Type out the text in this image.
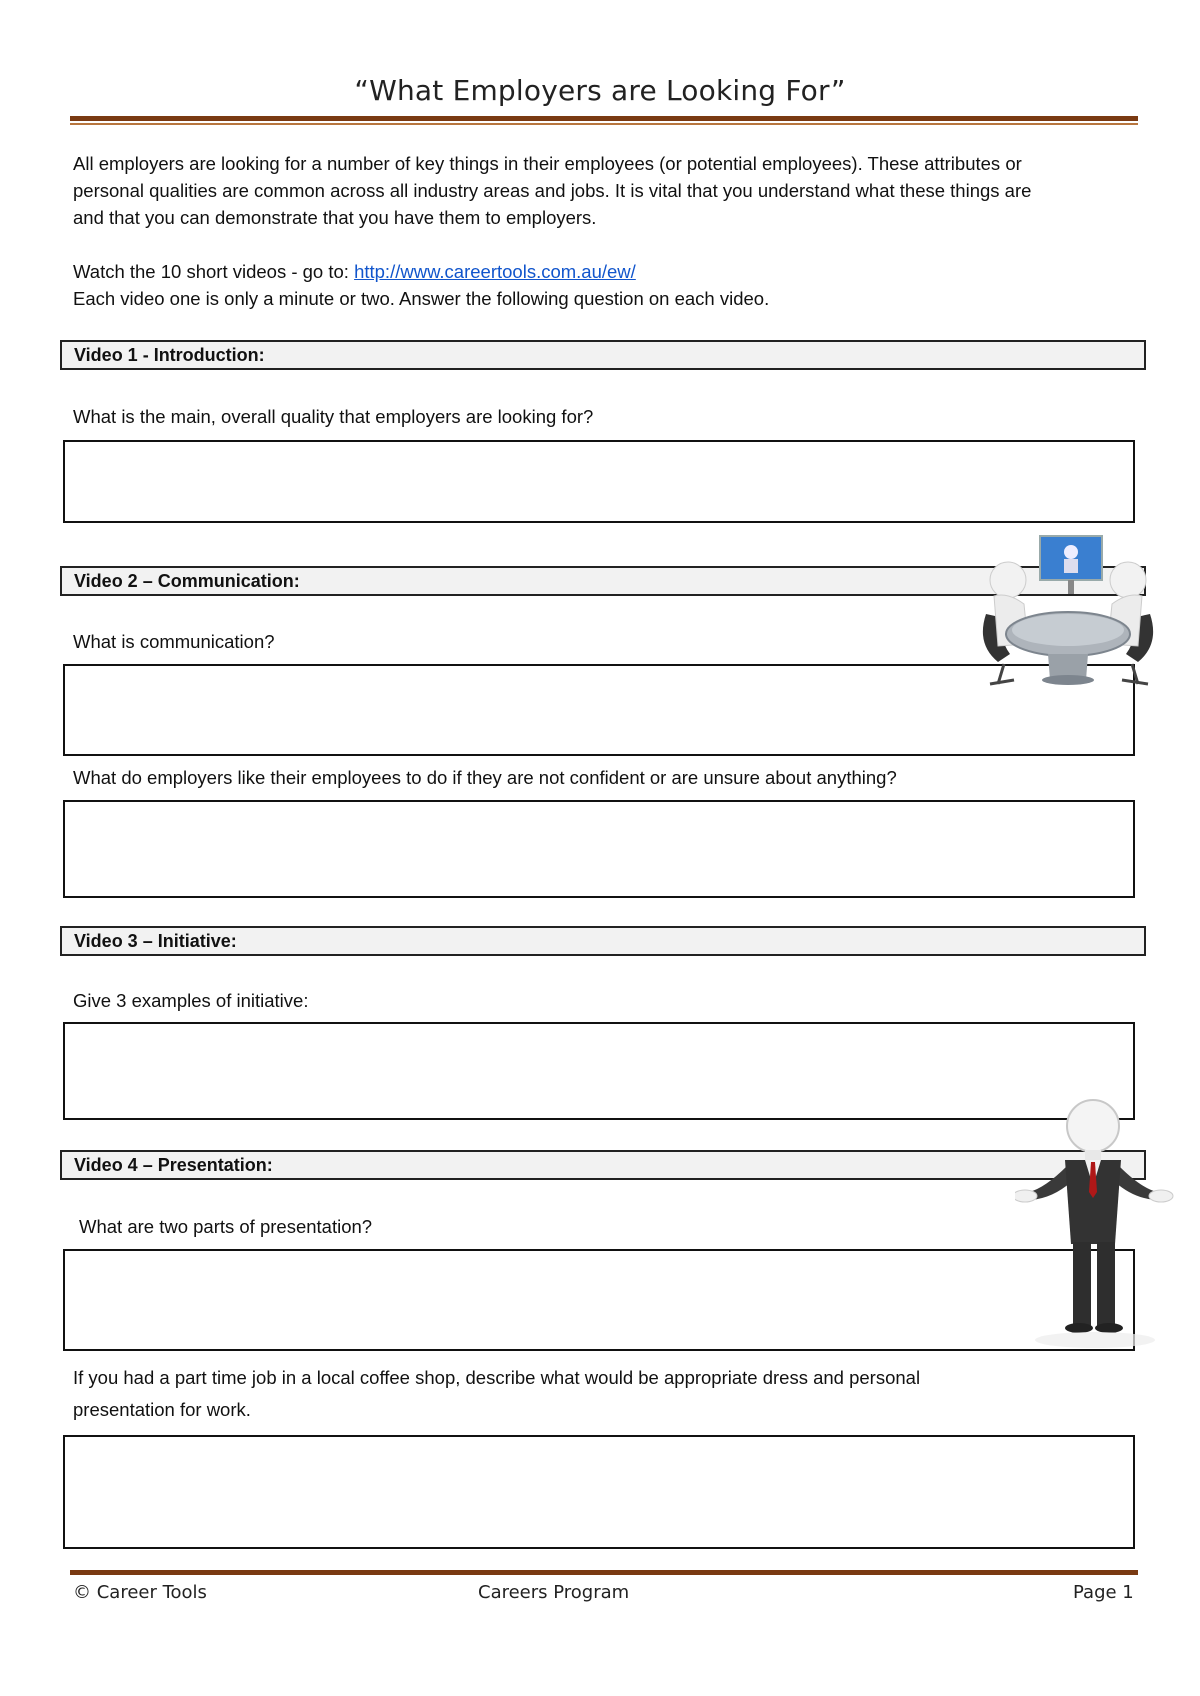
“What Employers are Looking For”
All employers are looking for a number of key things in their employees (or potential employees). These attributes or
personal qualities are common across all industry areas and jobs. It is vital that you understand what these things are
and that you can demonstrate that you have them to employers.
Watch the 10 short videos - go to: http://www.careertools.com.au/ew/
Each video one is only a minute or two. Answer the following question on each video.
Video 1 - Introduction:
What is the main, overall quality that employers are looking for?
Video 2 – Communication:
What is communication?
What do employers like their employees to do if they are not confident or are unsure about anything?
Video 3 – Initiative:
Give 3 examples of initiative:
Video 4 – Presentation:
What are two parts of presentation?
If you had a part time job in a local coffee shop, describe what would be appropriate dress and personal
presentation for work.
© Career Tools	Careers Program	Page 1
